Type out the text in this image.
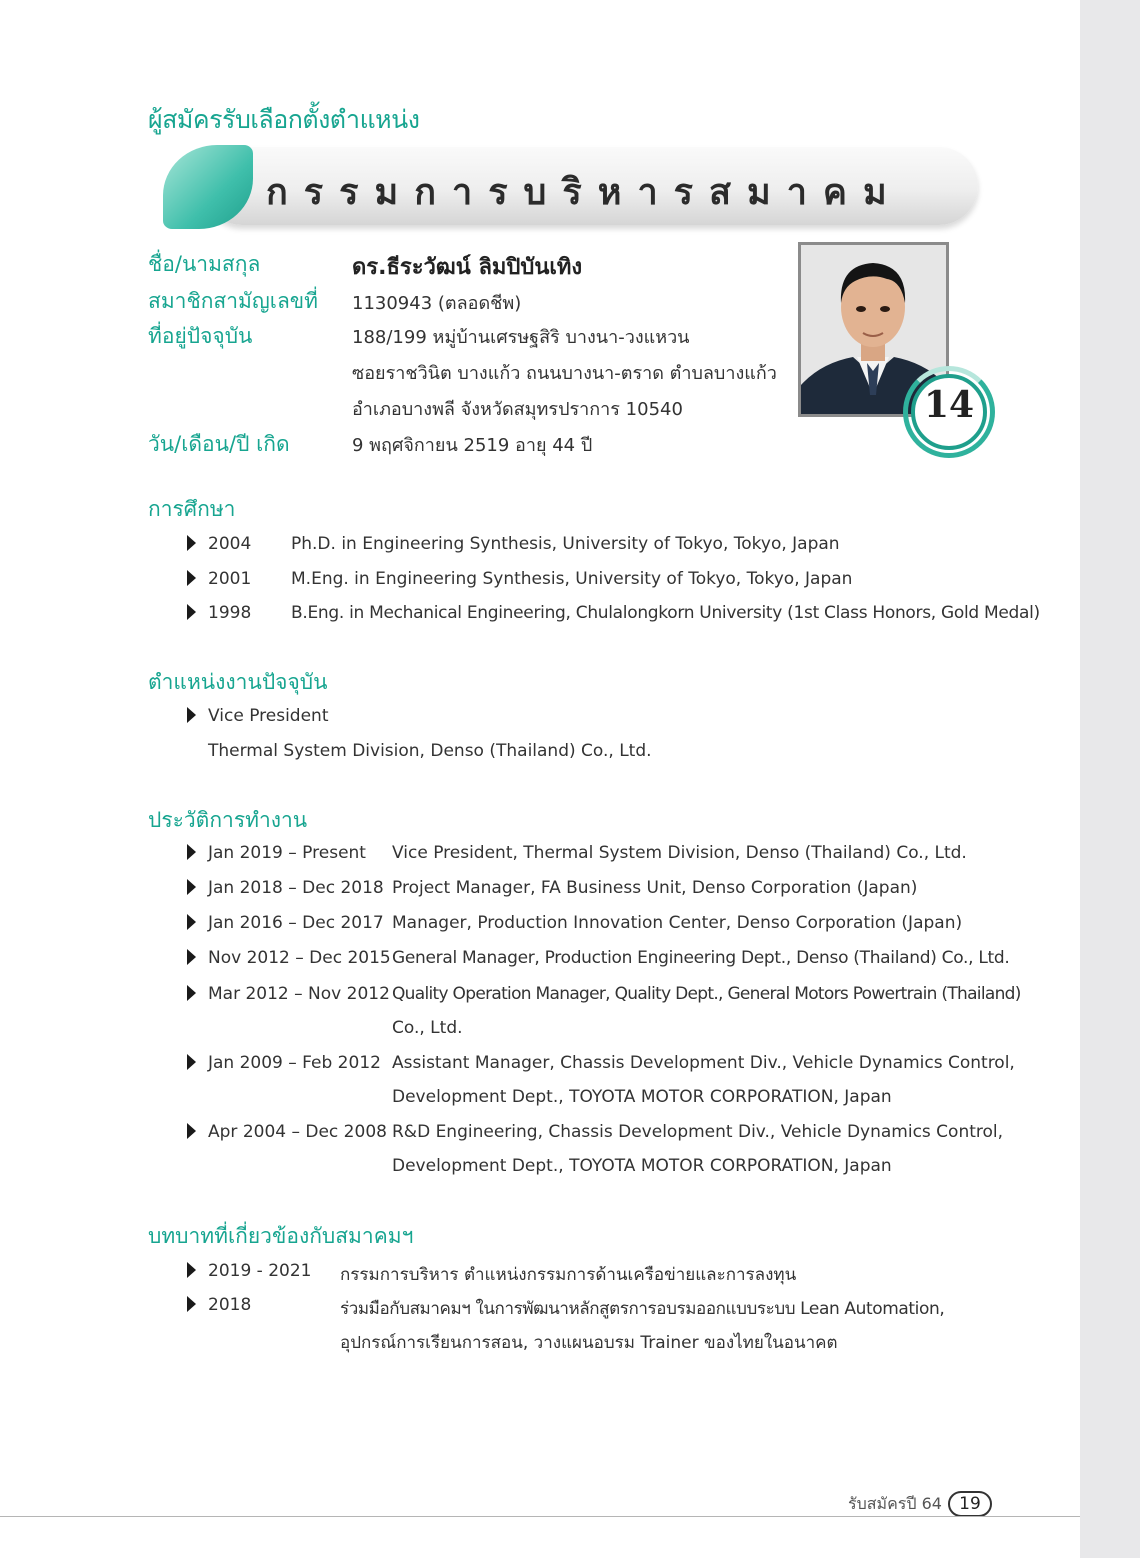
ผู้สมัครรับเลือกตั้งตำแหน่ง
กรรมการบริหารสมาคม
ชื่อ/นามสกุล	ดร.ธีระวัฒน์ ลิมปิบันเทิง
สมาชิกสามัญเลขที่ 1130943 (ตลอดชีพ)
ที่อยู่ปัจจุบัน	188/199 หมู่บ้านเศรษฐสิริ บางนา-วงแหวน
ซอยราชวินิต บางแก้ว ถนนบางนา-ตราด ตำบลบางแก้ว
อำเภอบางพลี จังหวัดสมุทรปราการ 10540
วัน/เดือน/ปี เกิด	9 พฤศจิกายน 2519 อายุ 44 ปี
14
การศึกษา
2004 Ph.D. in Engineering Synthesis, University of Tokyo, Tokyo, Japan
2001 M.Eng. in Engineering Synthesis, University of Tokyo, Tokyo, Japan
1998 B.Eng. in Mechanical Engineering, Chulalongkorn University (1st Class Honors, Gold Medal)
ตำแหน่งงานปัจจุบัน
Vice President
Thermal System Division, Denso (Thailand) Co., Ltd.
ประวัติการทำงาน
Jan 2019 – Present Vice President, Thermal System Division, Denso (Thailand) Co., Ltd.
Jan 2018 – Dec 2018 Project Manager, FA Business Unit, Denso Corporation (Japan)
Jan 2016 – Dec 2017 Manager, Production Innovation Center, Denso Corporation (Japan)
Nov 2012 – Dec 2015 General Manager, Production Engineering Dept., Denso (Thailand) Co., Ltd.
Mar 2012 – Nov 2012 Quality Operation Manager, Quality Dept., General Motors Powertrain (Thailand)
Co., Ltd.
Jan 2009 – Feb 2012 Assistant Manager, Chassis Development Div., Vehicle Dynamics Control,
Development Dept., TOYOTA MOTOR CORPORATION, Japan
Apr 2004 – Dec 2008 R&D Engineering, Chassis Development Div., Vehicle Dynamics Control,
Development Dept., TOYOTA MOTOR CORPORATION, Japan
บทบาทที่เกี่ยวข้องกับสมาคมฯ
2019 - 2021 กรรมการบริหาร ตำแหน่งกรรมการด้านเครือข่ายและการลงทุน
2018	ร่วมมือกับสมาคมฯ ในการพัฒนาหลักสูตรการอบรมออกแบบระบบ Lean Automation,
อุปกรณ์การเรียนการสอน, วางแผนอบรม Trainer ของไทยในอนาคต
รับสมัครปี 64	19
